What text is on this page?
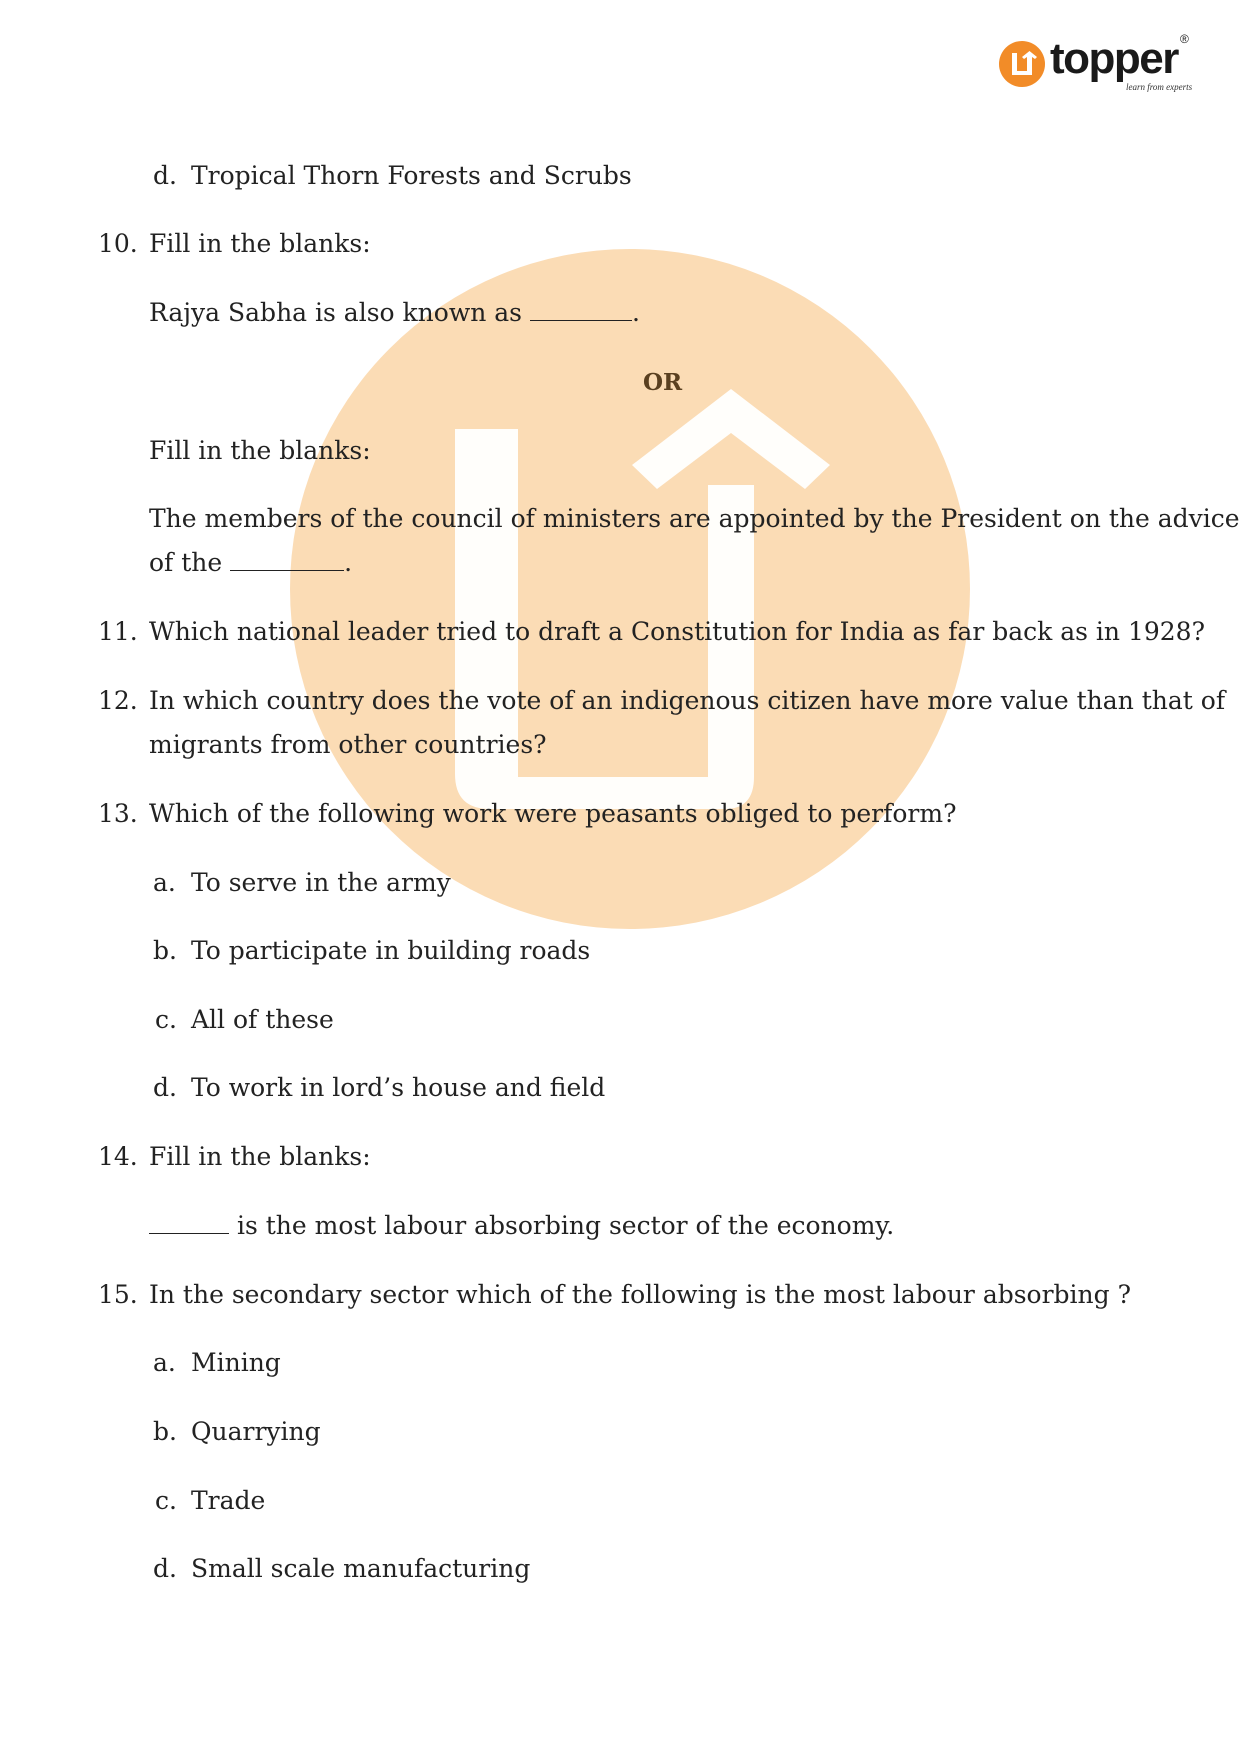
topper ®
learn from experts
d. Tropical Thorn Forests and Scrubs
10. Fill in the blanks:

Rajya Sabha is also known as	.

OR
Fill in the blanks:
The members of the council of ministers are appointed by the President on the advice

of the	.

11. Which national leader tried to draft a Constitution for India as far back as in 1928?
12. In which country does the vote of an indigenous citizen have more value than that of
migrants from other countries?
13. Which of the following work were peasants obliged to perform?
a. To serve in the army
b. To participate in building roads
c. All of these
d. To work in lord’s house and field
14. Fill in the blanks:

is the most labour absorbing sector of the economy.

15. In the secondary sector which of the following is the most labour absorbing ?
a. Mining
b. Quarrying
c. Trade
d. Small scale manufacturing
